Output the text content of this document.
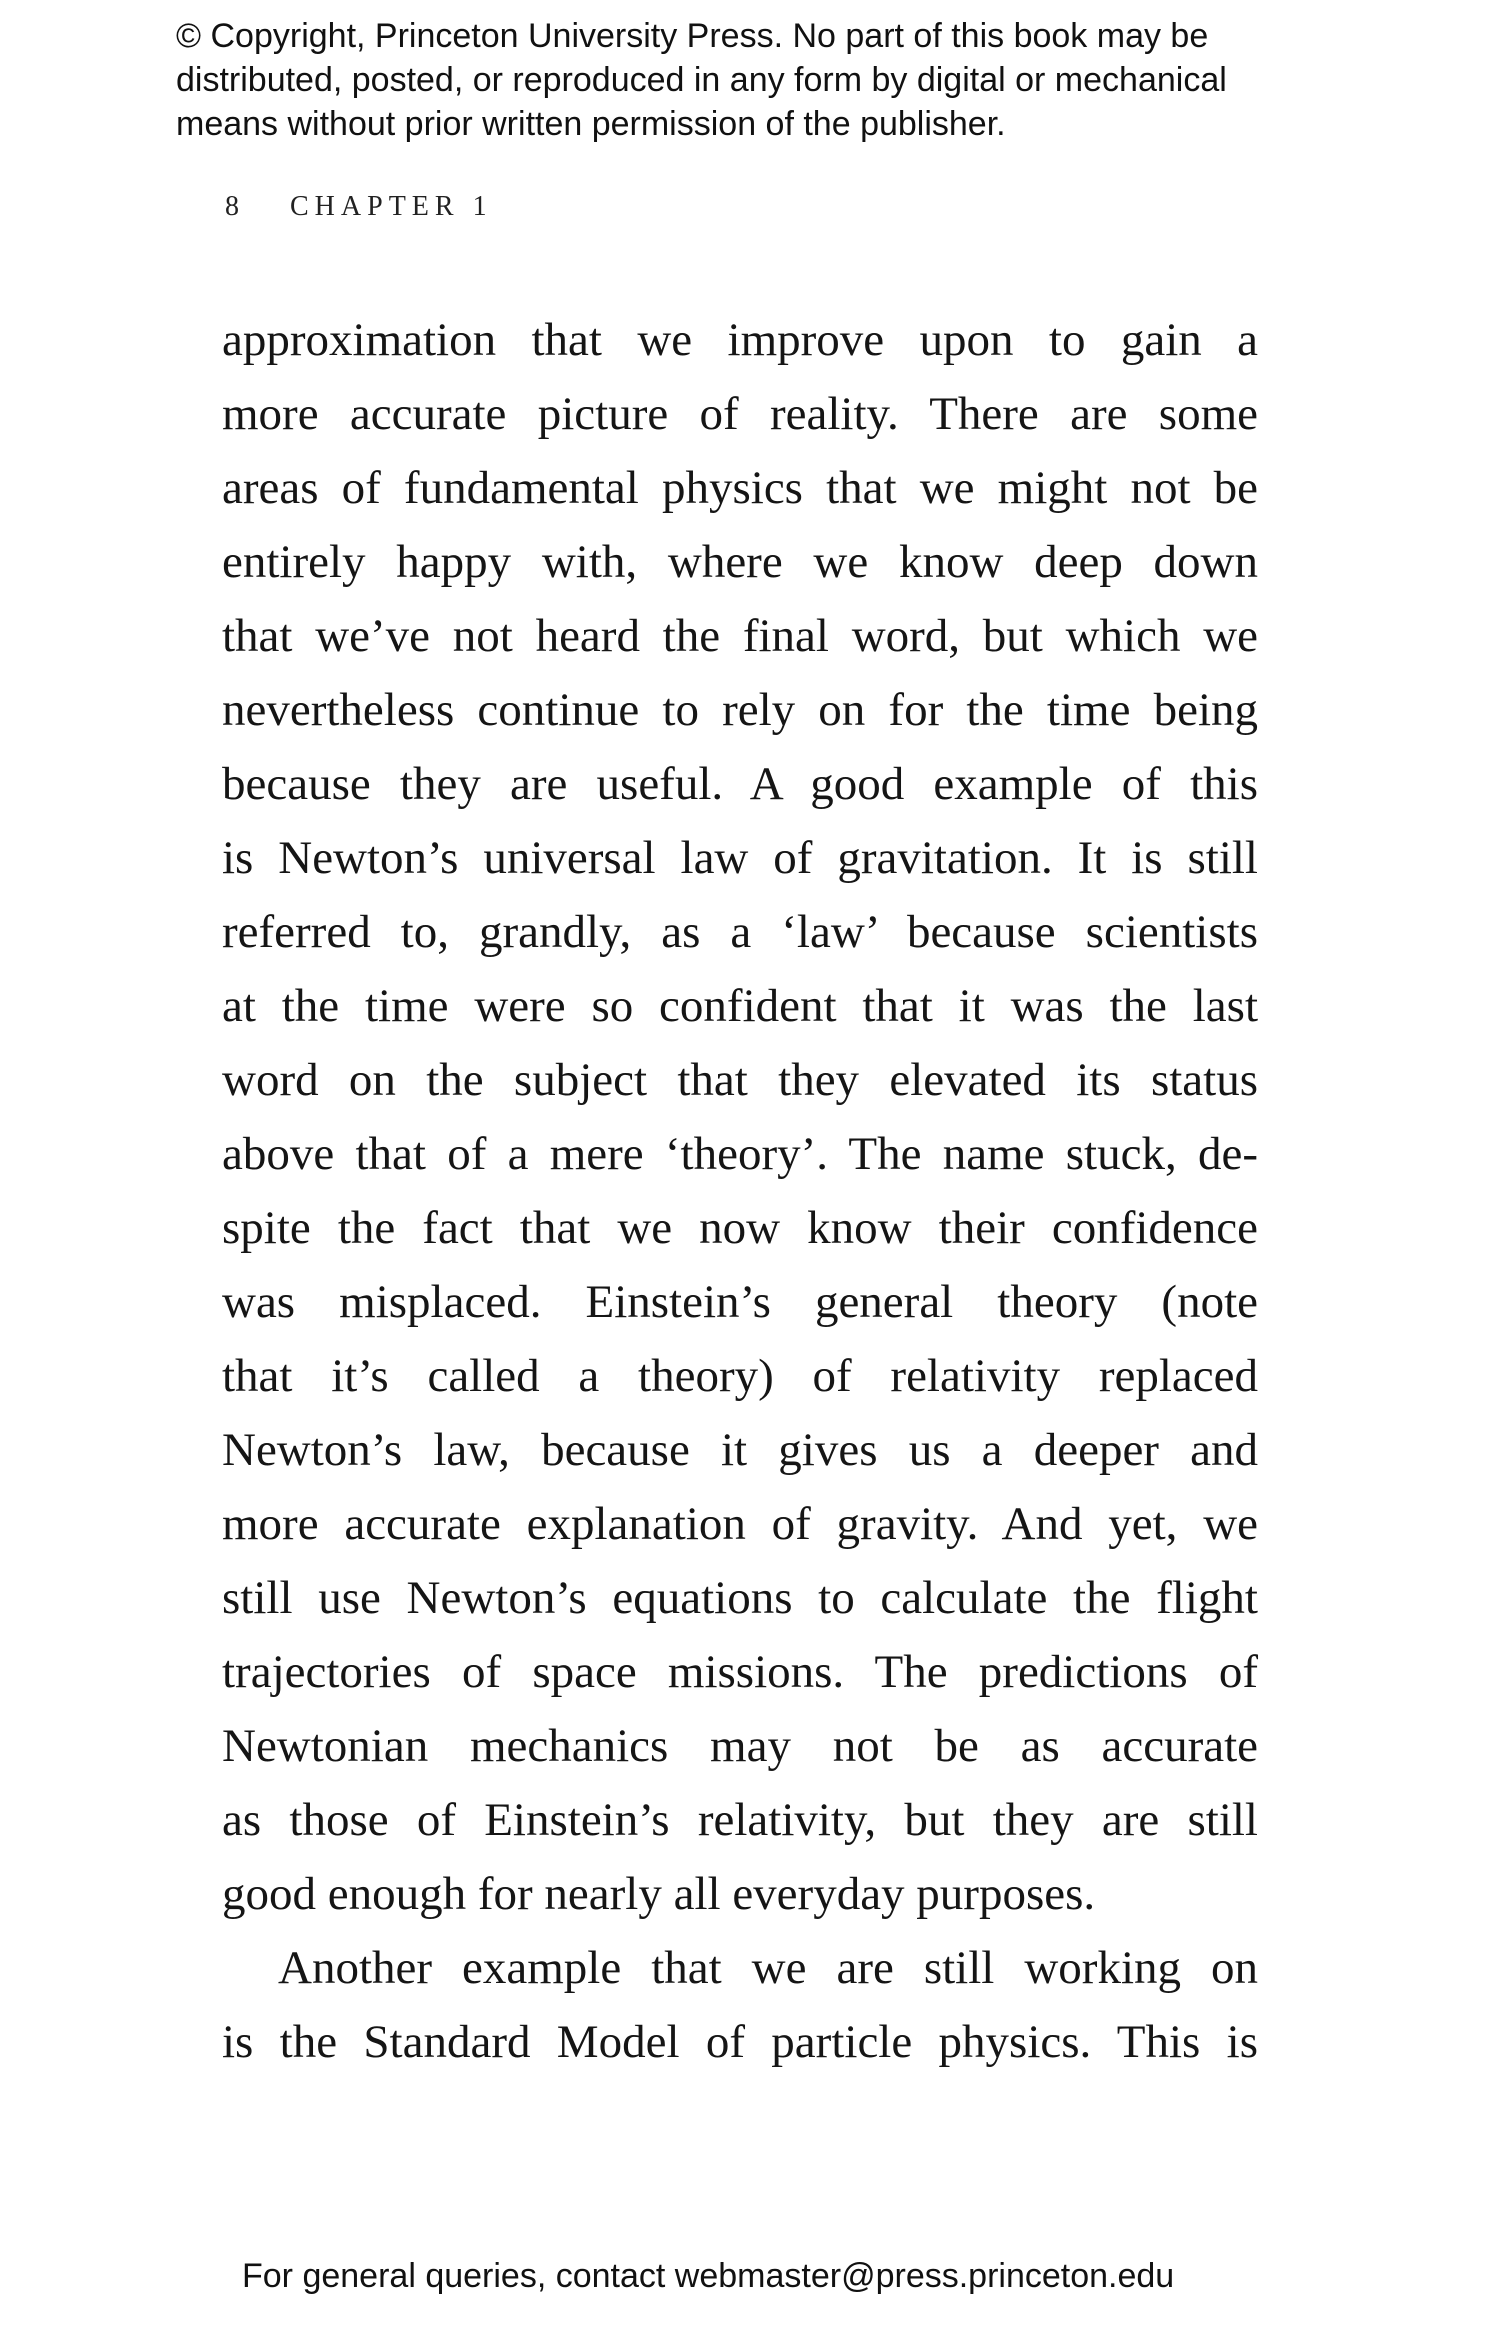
© Copyright, Princeton University Press. No part of this book may be
distributed, posted, or reproduced in any form by digital or mechanical
means without prior written permission of the publisher.
8 CHAPTER 1
approximation that we improve upon to gain a
more accurate picture of reality. There are some
areas of fundamental physics that we might not be
entirely happy with, where we know deep down
that we’ve not heard the final word, but which we
nevertheless continue to rely on for the time being
because they are useful. A good example of this
is Newton’s universal law of gravitation. It is still
referred to, grandly, as a ‘law’ because scientists
at the time were so confident that it was the last
word on the subject that they elevated its status
above that of a mere ‘theory’. The name stuck, de-
spite the fact that we now know their confidence
was misplaced. Einstein’s general theory (note
that it’s called a theory) of relativity replaced
Newton’s law, because it gives us a deeper and
more accurate explanation of gravity. And yet, we
still use Newton’s equations to calculate the flight
trajectories of space missions. The predictions of
Newtonian mechanics may not be as accurate
as those of Einstein’s relativity, but they are still
good enough for nearly all everyday purposes.
Another example that we are still working on
is the Standard Model of particle physics. This is
For general queries, contact webmaster@press.princeton.edu
